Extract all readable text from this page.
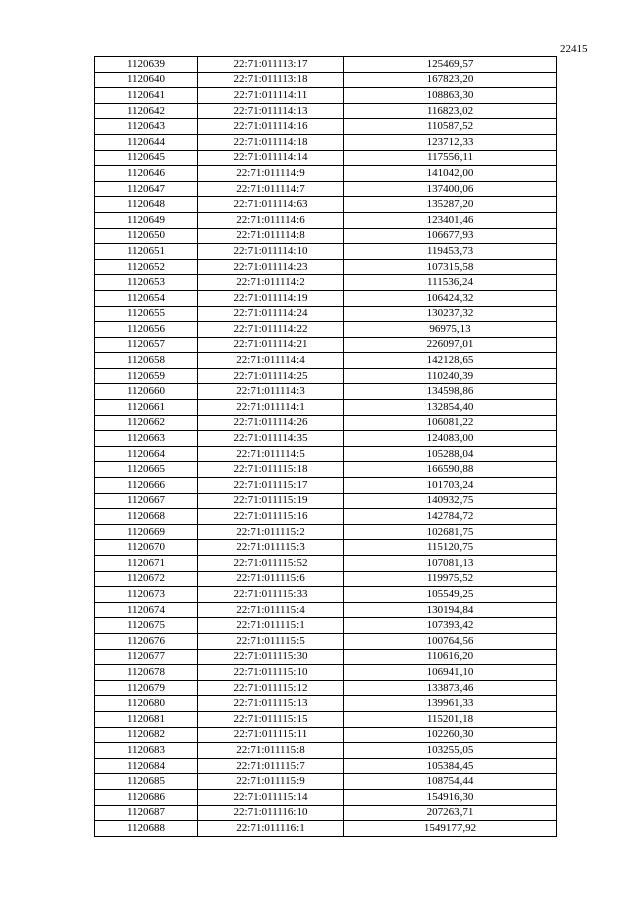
22415
1120639	22:71:011113:17	125469,57
1120640	22:71:011113:18	167823,20
1120641	22:71:011114:11	108863,30
1120642	22:71:011114:13	116823,02
1120643	22:71:011114:16	110587,52
1120644	22:71:011114:18	123712,33
1120645	22:71:011114:14	117556,11
1120646	22:71:011114:9	141042,00
1120647	22:71:011114:7	137400,06
1120648	22:71:011114:63	135287,20
1120649	22:71:011114:6	123401,46
1120650	22:71:011114:8	106677,93
1120651	22:71:011114:10	119453,73
1120652	22:71:011114:23	107315,58
1120653	22:71:011114:2	111536,24
1120654	22:71:011114:19	106424,32
1120655	22:71:011114:24	130237,32
1120656	22:71:011114:22	96975,13
1120657	22:71:011114:21	226097,01
1120658	22:71:011114:4	142128,65
1120659	22:71:011114:25	110240,39
1120660	22:71:011114:3	134598,86
1120661	22:71:011114:1	132854,40
1120662	22:71:011114:26	106081,22
1120663	22:71:011114:35	124083,00
1120664	22:71:011114:5	105288,04
1120665	22:71:011115:18	166590,88
1120666	22:71:011115:17	101703,24
1120667	22:71:011115:19	140932,75
1120668	22:71:011115:16	142784,72
1120669	22:71:011115:2	102681,75
1120670	22:71:011115:3	115120,75
1120671	22:71:011115:52	107081,13
1120672	22:71:011115:6	119975,52
1120673	22:71:011115:33	105549,25
1120674	22:71:011115:4	130194,84
1120675	22:71:011115:1	107393,42
1120676	22:71:011115:5	100764,56
1120677	22:71:011115:30	110616,20
1120678	22:71:011115:10	106941,10
1120679	22:71:011115:12	133873,46
1120680	22:71:011115:13	139961,33
1120681	22:71:011115:15	115201,18
1120682	22:71:011115:11	102260,30
1120683	22:71:011115:8	103255,05
1120684	22:71:011115:7	105384,45
1120685	22:71:011115:9	108754,44
1120686	22:71:011115:14	154916,30
1120687	22:71:011116:10	207263,71
1120688	22:71:011116:1	1549177,92
